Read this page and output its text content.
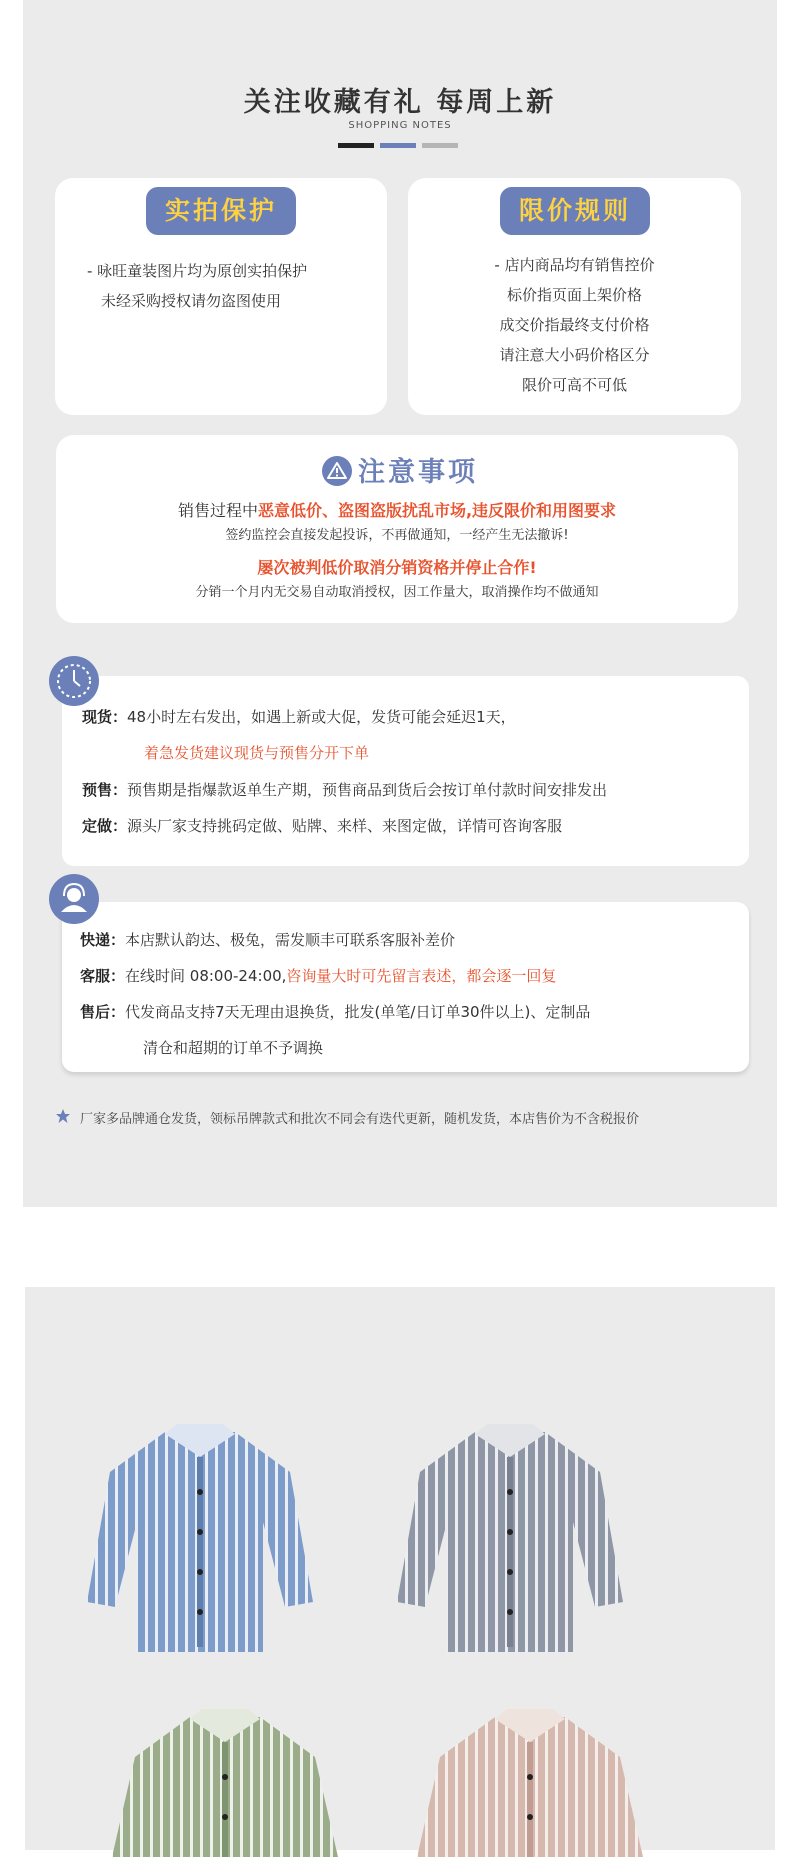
关注收藏有礼 每周上新
SHOPPING NOTES
实拍保护
- 咏旺童装图片均为原创实拍保护
未经采购授权请勿盗图使用
限价规则
- 店内商品均有销售控价
标价指页面上架价格
成交价指最终支付价格
请注意大小码价格区分
限价可高不可低
注意事项
销售过程中恶意低价、盗图盗版扰乱市场,违反限价和用图要求
签约监控会直接发起投诉，不再做通知，一经产生无法撤诉!
屡次被判低价取消分销资格并停止合作!
分销一个月内无交易自动取消授权，因工作量大，取消操作均不做通知
现货：48小时左右发出，如遇上新或大促，发货可能会延迟1天，
着急发货建议现货与预售分开下单
预售：预售期是指爆款返单生产期，预售商品到货后会按订单付款时间安排发出
定做：源头厂家支持挑码定做、贴牌、来样、来图定做，详情可咨询客服
快递：本店默认韵达、极兔，需发顺丰可联系客服补差价
客服：在线时间 08:00-24:00,咨询量大时可先留言表述，都会逐一回复
售后：代发商品支持7天无理由退换货，批发(单笔/日订单30件以上)、定制品
清仓和超期的订单不予调换
厂家多品牌通仓发货，领标吊牌款式和批次不同会有迭代更新，随机发货，本店售价为不含税报价
